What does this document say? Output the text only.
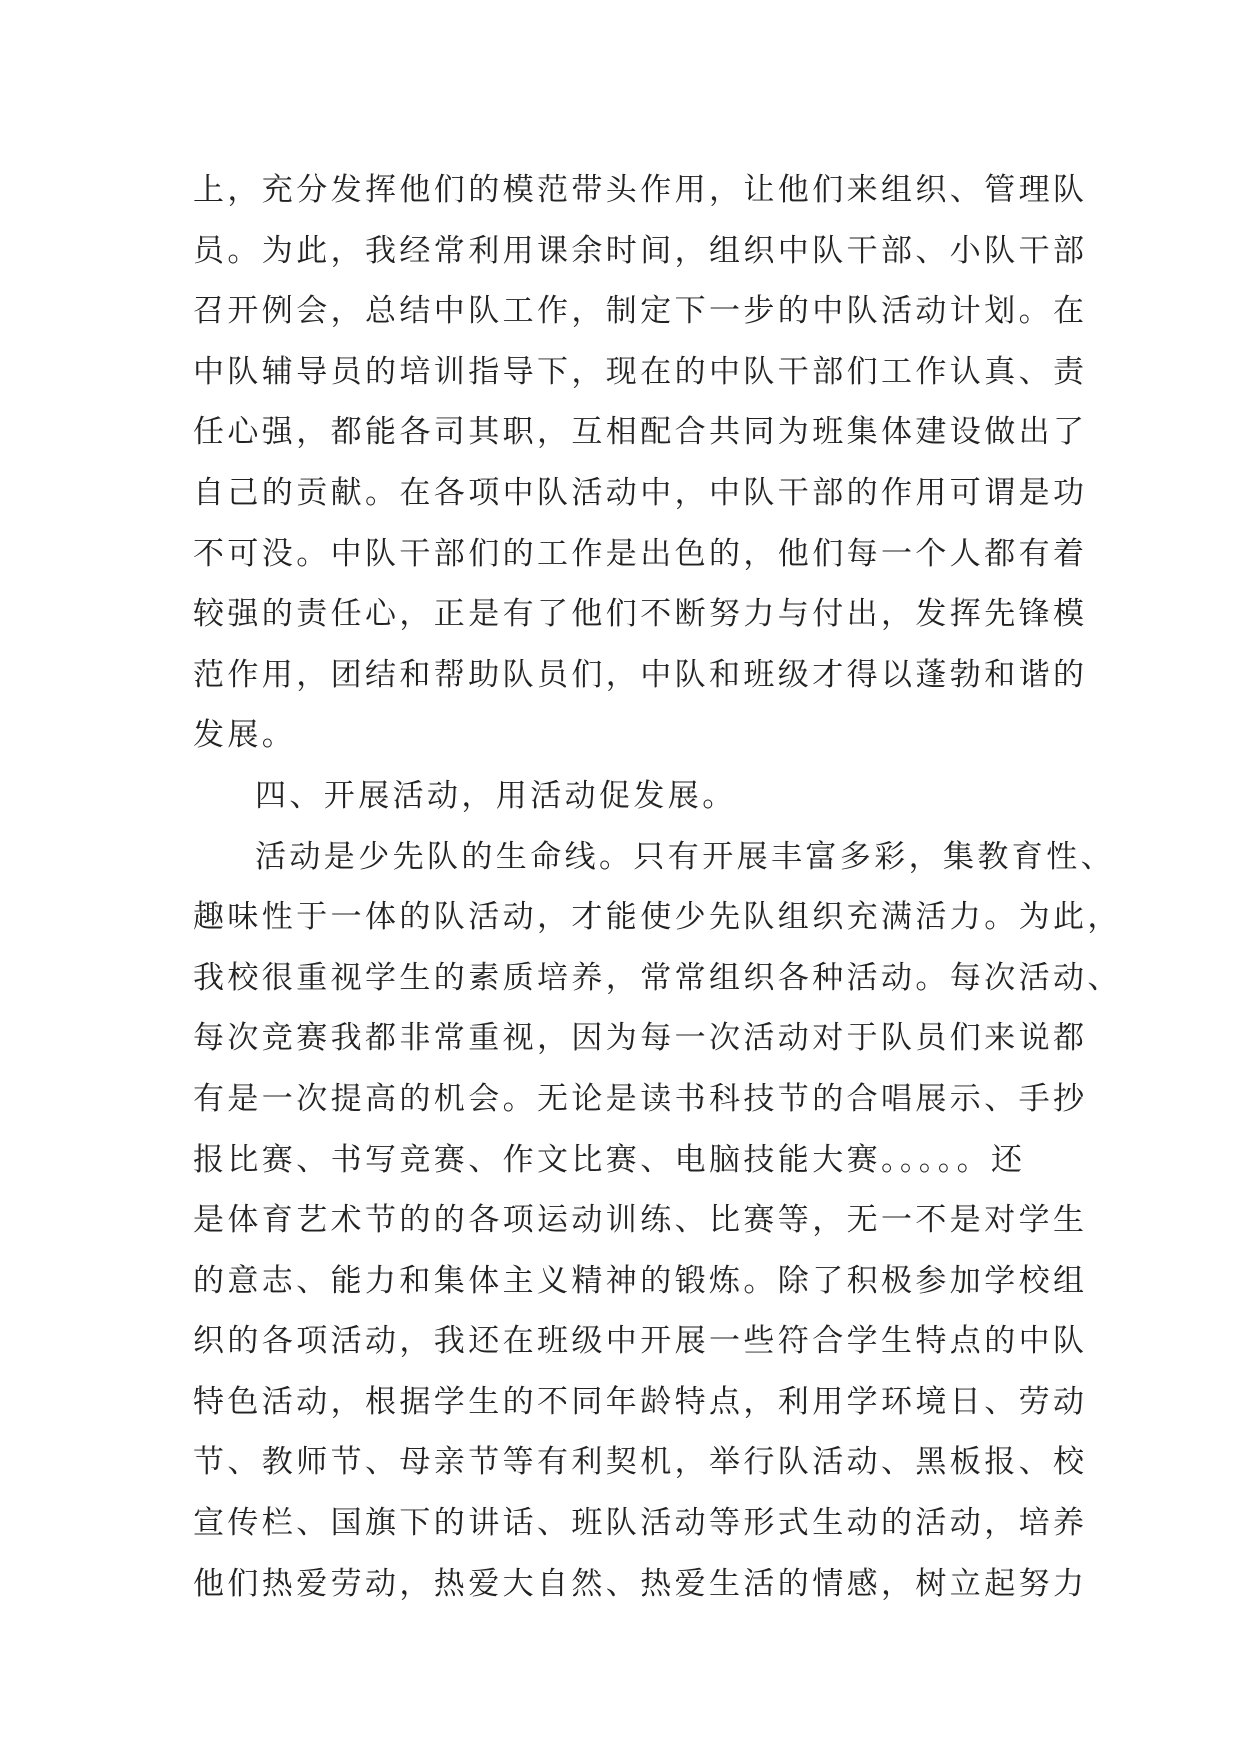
上，充分发挥他们的模范带头作用，让他们来组织、管理队
员。为此，我经常利用课余时间，组织中队干部、小队干部
召开例会，总结中队工作，制定下一步的中队活动计划。在
中队辅导员的培训指导下，现在的中队干部们工作认真、责
任心强，都能各司其职，互相配合共同为班集体建设做出了
自己的贡献。在各项中队活动中，中队干部的作用可谓是功
不可没。中队干部们的工作是出色的，他们每一个人都有着
较强的责任心，正是有了他们不断努力与付出，发挥先锋模
范作用，团结和帮助队员们，中队和班级才得以蓬勃和谐的
发展。
四、开展活动，用活动促发展。
活动是少先队的生命线。只有开展丰富多彩，集教育性、
趣味性于一体的队活动，才能使少先队组织充满活力。为此，
我校很重视学生的素质培养，常常组织各种活动。每次活动、
每次竞赛我都非常重视，因为每一次活动对于队员们来说都
有是一次提高的机会。无论是读书科技节的合唱展示、手抄
报比赛、书写竞赛、作文比赛、电脑技能大赛。。。。。还
是体育艺术节的的各项运动训练、比赛等，无一不是对学生
的意志、能力和集体主义精神的锻炼。除了积极参加学校组
织的各项活动，我还在班级中开展一些符合学生特点的中队
特色活动，根据学生的不同年龄特点，利用学环境日、劳动
节、教师节、母亲节等有利契机，举行队活动、黑板报、校
宣传栏、国旗下的讲话、班队活动等形式生动的活动，培养
他们热爱劳动，热爱大自然、热爱生活的情感，树立起努力
